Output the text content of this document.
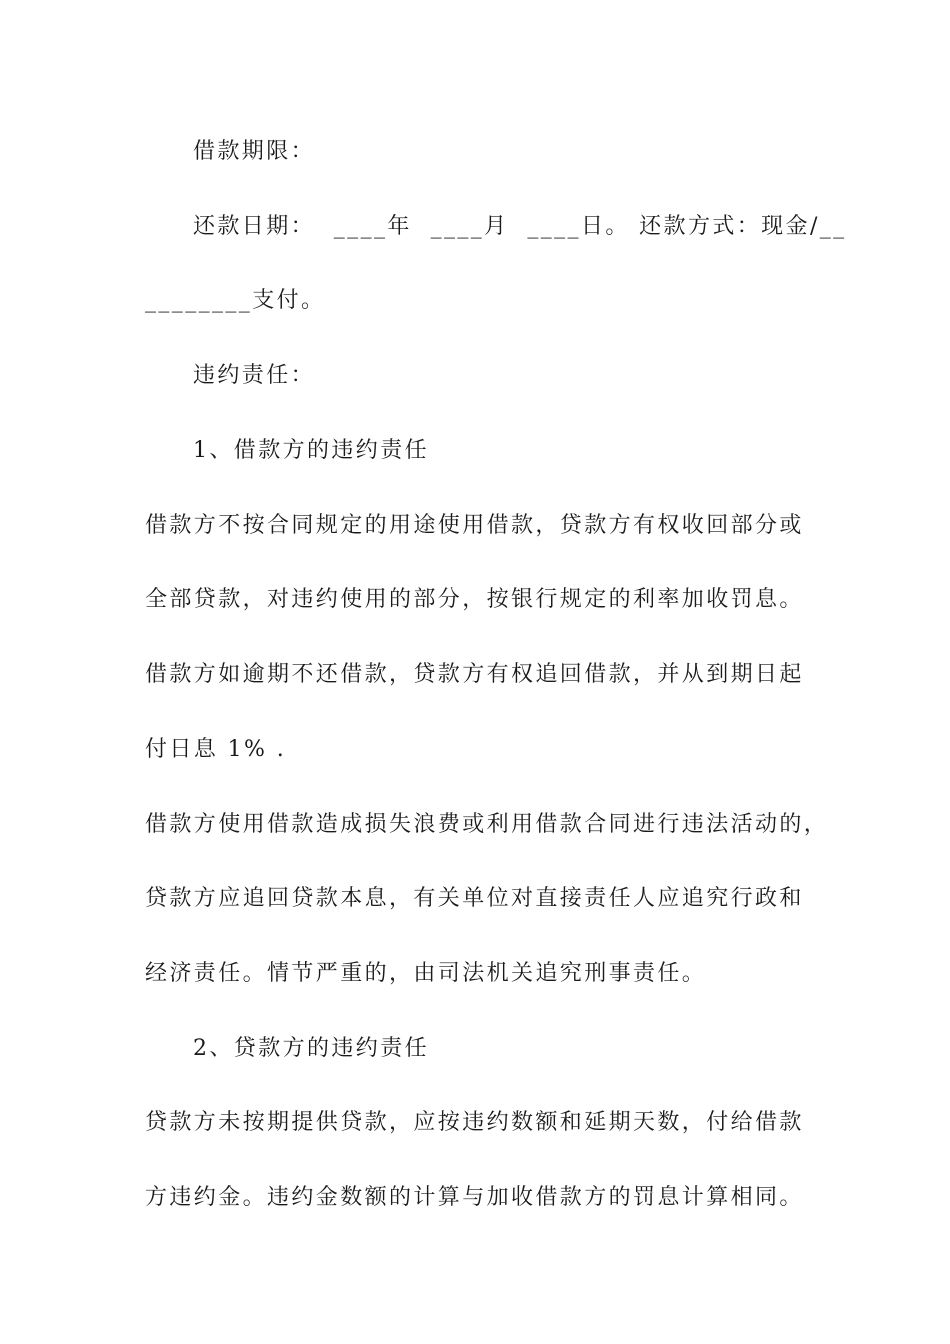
借款期限：
还款日期：  ____年  ____月  ____日。 还款方式：现金/__
________支付。
违约责任：
1、借款方的违约责任
借款方不按合同规定的用途使用借款，贷款方有权收回部分或
全部贷款，对违约使用的部分，按银行规定的利率加收罚息。
借款方如逾期不还借款，贷款方有权追回借款，并从到期日起
付日息 1% .
借款方使用借款造成损失浪费或利用借款合同进行违法活动的，
贷款方应追回贷款本息，有关单位对直接责任人应追究行政和
经济责任。情节严重的，由司法机关追究刑事责任。
2、贷款方的违约责任
贷款方未按期提供贷款，应按违约数额和延期天数，付给借款
方违约金。违约金数额的计算与加收借款方的罚息计算相同。
